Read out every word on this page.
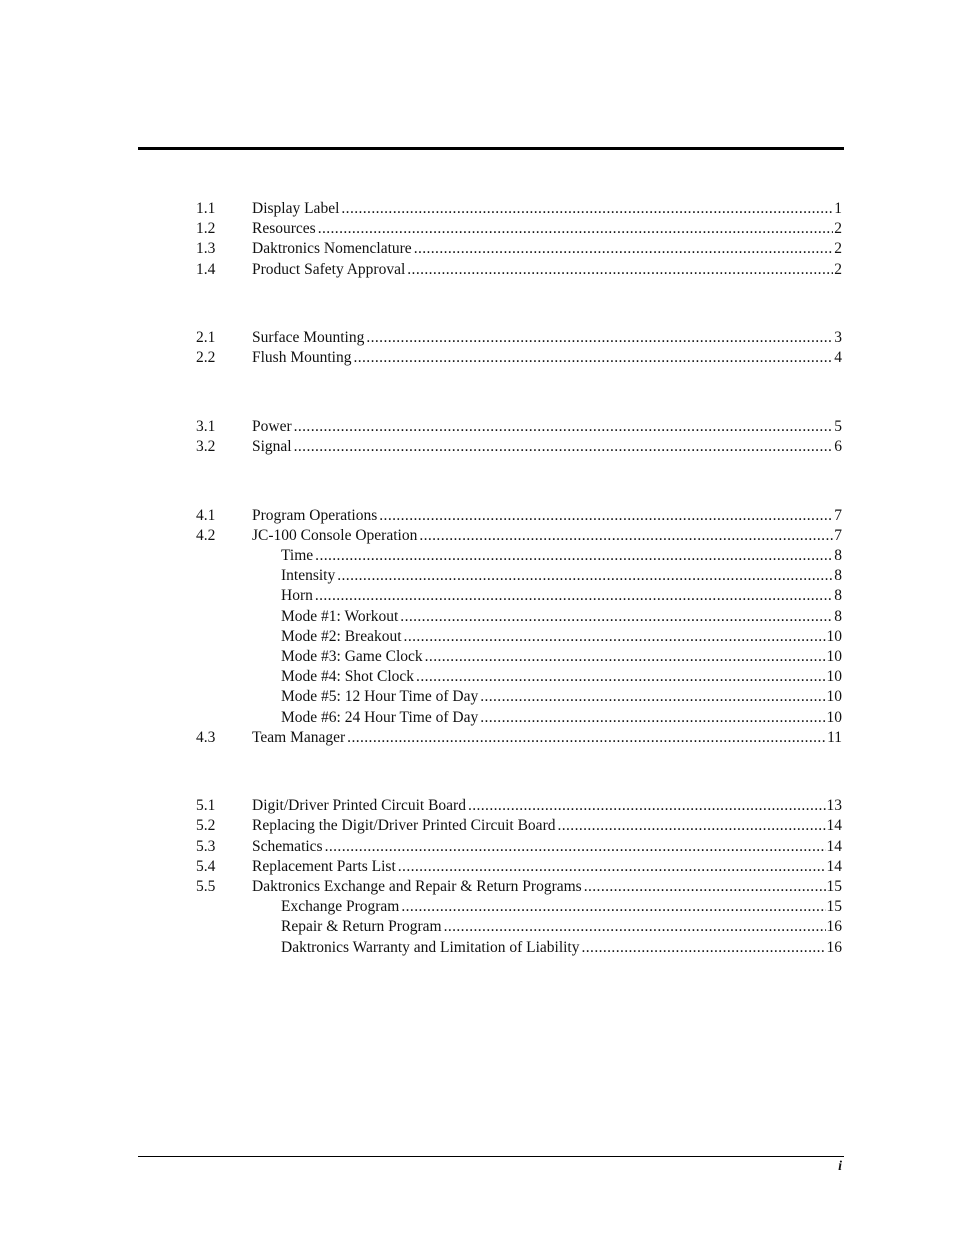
1.1 Display Label .....	1
1.2 Resources .....	2
1.3 Daktronics Nomenclature .....	2
1.4 Product Safety Approval .....	2
2.1 Surface Mounting .....	3
2.2 Flush Mounting .....	4
3.1 Power .....	5
3.2 Signal .....	6
4.1 Program Operations .....	7
4.2 JC-100 Console Operation .....	7
Time .....	8
Intensity .....	8
Horn .....	8
Mode #1: Workout .....	8
Mode #2: Breakout .....	10
Mode #3: Game Clock .....	10
Mode #4: Shot Clock .....	10
Mode #5: 12 Hour Time of Day .....	10
Mode #6: 24 Hour Time of Day .....	10
4.3 Team Manager .....	11
5.1 Digit/Driver Printed Circuit Board .....	13
5.2 Replacing the Digit/Driver Printed Circuit Board .....	14
5.3 Schematics .....	14
5.4 Replacement Parts List .....	14
5.5 Daktronics Exchange and Repair & Return Programs .....	15
Exchange Program .....	15
Repair & Return Program .....	16
Daktronics Warranty and Limitation of Liability .....	16
i
